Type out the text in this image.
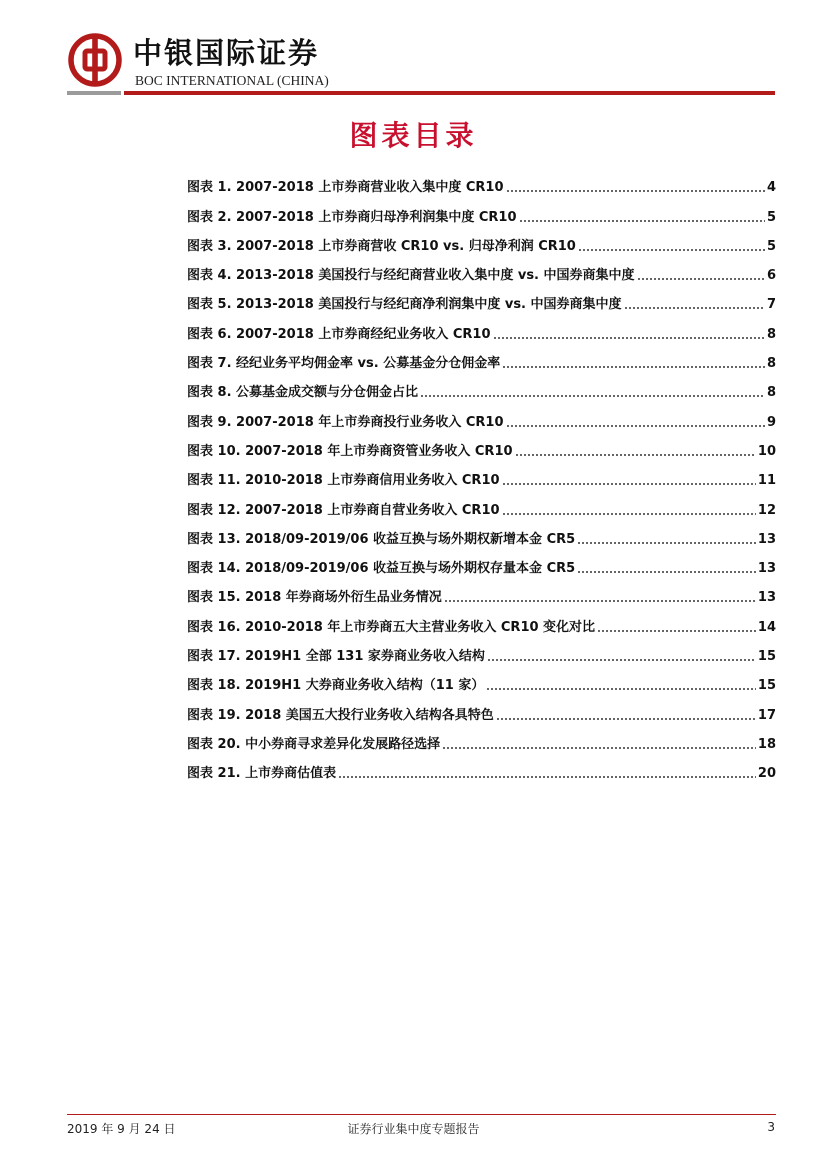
中银国际证券
BOC INTERNATIONAL (CHINA)
图表目录
图表 1. 2007-2018 上市券商营业收入集中度 CR10	4
图表 2. 2007-2018 上市券商归母净利润集中度 CR10	5
图表 3. 2007-2018 上市券商营收 CR10 vs. 归母净利润 CR10	5
图表 4. 2013-2018 美国投行与经纪商营业收入集中度 vs. 中国券商集中度	6
图表 5. 2013-2018 美国投行与经纪商净利润集中度 vs. 中国券商集中度	7
图表 6. 2007-2018 上市券商经纪业务收入 CR10	8
图表 7. 经纪业务平均佣金率 vs. 公募基金分仓佣金率	8
图表 8. 公募基金成交额与分仓佣金占比	8
图表 9. 2007-2018 年上市券商投行业务收入 CR10	9
图表 10. 2007-2018 年上市券商资管业务收入 CR10	10
图表 11. 2010-2018 上市券商信用业务收入 CR10	11
图表 12. 2007-2018 上市券商自营业务收入 CR10	12
图表 13. 2018/09-2019/06 收益互换与场外期权新增本金 CR5	13
图表 14. 2018/09-2019/06 收益互换与场外期权存量本金 CR5	13
图表 15. 2018 年券商场外衍生品业务情况	13
图表 16. 2010-2018 年上市券商五大主营业务收入 CR10 变化对比	14
图表 17. 2019H1 全部 131 家券商业务收入结构	15
图表 18. 2019H1 大券商业务收入结构（11 家）	15
图表 19. 2018 美国五大投行业务收入结构各具特色	17
图表 20. 中小券商寻求差异化发展路径选择	18
图表 21. 上市券商估值表	20
2019 年 9 月 24 日	证券行业集中度专题报告	3
